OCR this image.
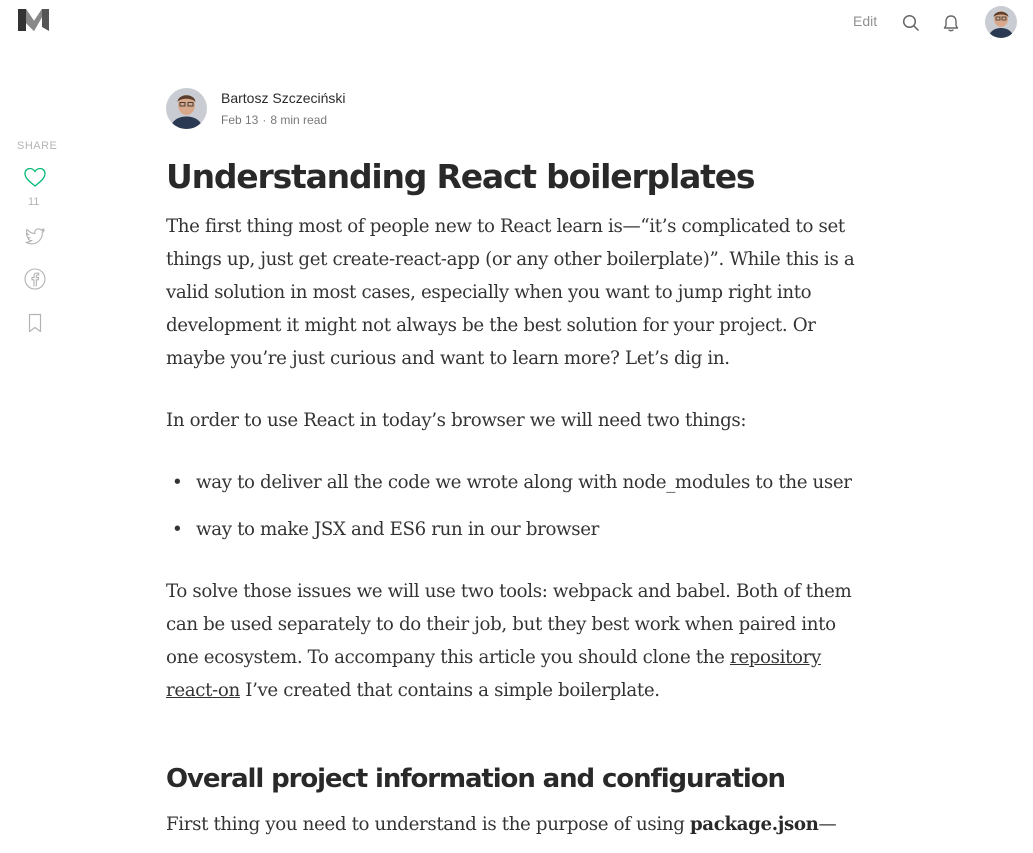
Edit
SHARE
11
Bartosz Szczeciński
Feb 13 · 8 min read
Understanding React boilerplates

The first thing most of people new to React learn is—“it’s complicated to set
things up, just get create-react-app (or any other boilerplate)”. While this is a
valid solution in most cases, especially when you want to jump right into
development it might not always be the best solution for your project. Or
maybe you’re just curious and want to learn more? Let’s dig in.

In order to use React in today’s browser we will need two things:

• way to deliver all the code we wrote along with node_modules to the user
• way to make JSX and ES6 run in our browser

To solve those issues we will use two tools: webpack and babel. Both of them
can be used separately to do their job, but they best work when paired into
one ecosystem. To accompany this article you should clone the repository
react-on I’ve created that contains a simple boilerplate.

Overall project information and configuration

First thing you need to understand is the purpose of using package.json—
